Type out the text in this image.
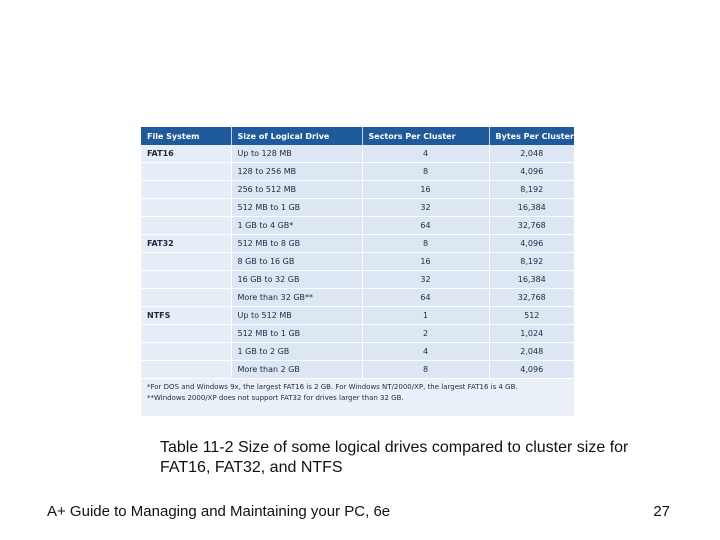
File System	Size of Logical Drive	Sectors Per Cluster	Bytes Per Cluster
FAT16	Up to 128 MB	4	2,048
	128 to 256 MB	8	4,096
	256 to 512 MB	16	8,192
	512 MB to 1 GB	32	16,384
	1 GB to 4 GB*	64	32,768
FAT32	512 MB to 8 GB	8	4,096
	8 GB to 16 GB	16	8,192
	16 GB to 32 GB	32	16,384
	More than 32 GB**	64	32,768
NTFS	Up to 512 MB	1	512
	512 MB to 1 GB	2	1,024
	1 GB to 2 GB	4	2,048
	More than 2 GB	8	4,096
*For DOS and Windows 9x, the largest FAT16 is 2 GB. For Windows NT/2000/XP, the largest FAT16 is 4 GB.
**Windows 2000/XP does not support FAT32 for drives larger than 32 GB.
Table 11-2 Size of some logical drives compared to cluster size for FAT16, FAT32, and NTFS
A+ Guide to Managing and Maintaining your PC, 6e	27
